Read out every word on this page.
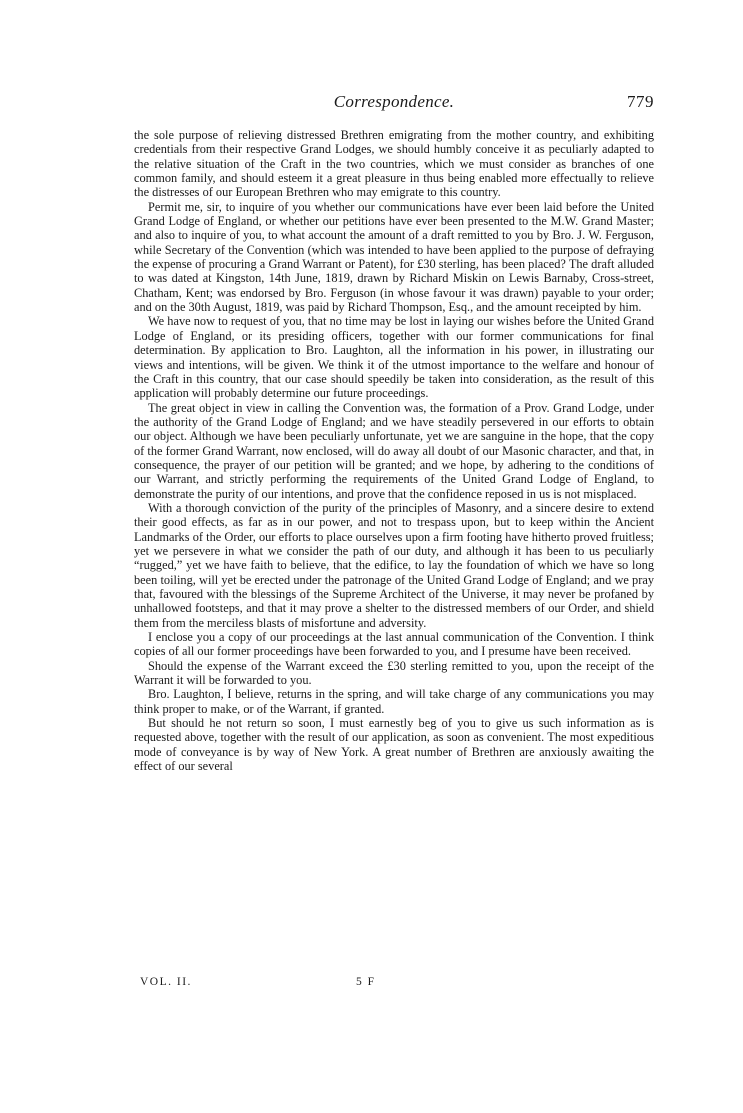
Correspondence.	779

the sole purpose of relieving distressed Brethren emigrating from the mother country, and exhibiting credentials from their respective Grand Lodges, we should humbly conceive it as peculiarly adapted to the relative situation of the Craft in the two countries, which we must consider as branches of one common family, and should esteem it a great pleasure in thus being enabled more effectually to relieve the distresses of our European Brethren who may emigrate to this country.

Permit me, sir, to inquire of you whether our communications have ever been laid before the United Grand Lodge of England, or whether our petitions have ever been presented to the M.W. Grand Master; and also to inquire of you, to what account the amount of a draft remitted to you by Bro. J. W. Ferguson, while Secretary of the Convention (which was intended to have been applied to the purpose of defraying the expense of procuring a Grand Warrant or Patent), for £30 sterling, has been placed? The draft alluded to was dated at Kingston, 14th June, 1819, drawn by Richard Miskin on Lewis Barnaby, Cross-street, Chatham, Kent; was endorsed by Bro. Ferguson (in whose favour it was drawn) payable to your order; and on the 30th August, 1819, was paid by Richard Thompson, Esq., and the amount receipted by him.

We have now to request of you, that no time may be lost in laying our wishes before the United Grand Lodge of England, or its presiding officers, together with our former communications for final determination. By application to Bro. Laughton, all the information in his power, in illustrating our views and intentions, will be given. We think it of the utmost importance to the welfare and honour of the Craft in this country, that our case should speedily be taken into consideration, as the result of this application will probably determine our future proceedings.

The great object in view in calling the Convention was, the formation of a Prov. Grand Lodge, under the authority of the Grand Lodge of England; and we have steadily persevered in our efforts to obtain our object. Although we have been peculiarly unfortunate, yet we are sanguine in the hope, that the copy of the former Grand Warrant, now enclosed, will do away all doubt of our Masonic character, and that, in consequence, the prayer of our petition will be granted; and we hope, by adhering to the conditions of our Warrant, and strictly performing the requirements of the United Grand Lodge of England, to demonstrate the purity of our intentions, and prove that the confidence reposed in us is not misplaced.

With a thorough conviction of the purity of the principles of Masonry, and a sincere desire to extend their good effects, as far as in our power, and not to trespass upon, but to keep within the Ancient Landmarks of the Order, our efforts to place ourselves upon a firm footing have hitherto proved fruitless; yet we persevere in what we consider the path of our duty, and although it has been to us peculiarly “rugged,” yet we have faith to believe, that the edifice, to lay the foundation of which we have so long been toiling, will yet be erected under the patronage of the United Grand Lodge of England; and we pray that, favoured with the blessings of the Supreme Architect of the Universe, it may never be profaned by unhallowed footsteps, and that it may prove a shelter to the distressed members of our Order, and shield them from the merciless blasts of misfortune and adversity.

I enclose you a copy of our proceedings at the last annual communication of the Convention. I think copies of all our former proceedings have been forwarded to you, and I presume have been received.

Should the expense of the Warrant exceed the £30 sterling remitted to you, upon the receipt of the Warrant it will be forwarded to you.

Bro. Laughton, I believe, returns in the spring, and will take charge of any communications you may think proper to make, or of the Warrant, if granted.

But should he not return so soon, I must earnestly beg of you to give us such information as is requested above, together with the result of our application, as soon as convenient. The most expeditious mode of conveyance is by way of New York. A great number of Brethren are anxiously awaiting the effect of our several

VOL. II.	5 F
